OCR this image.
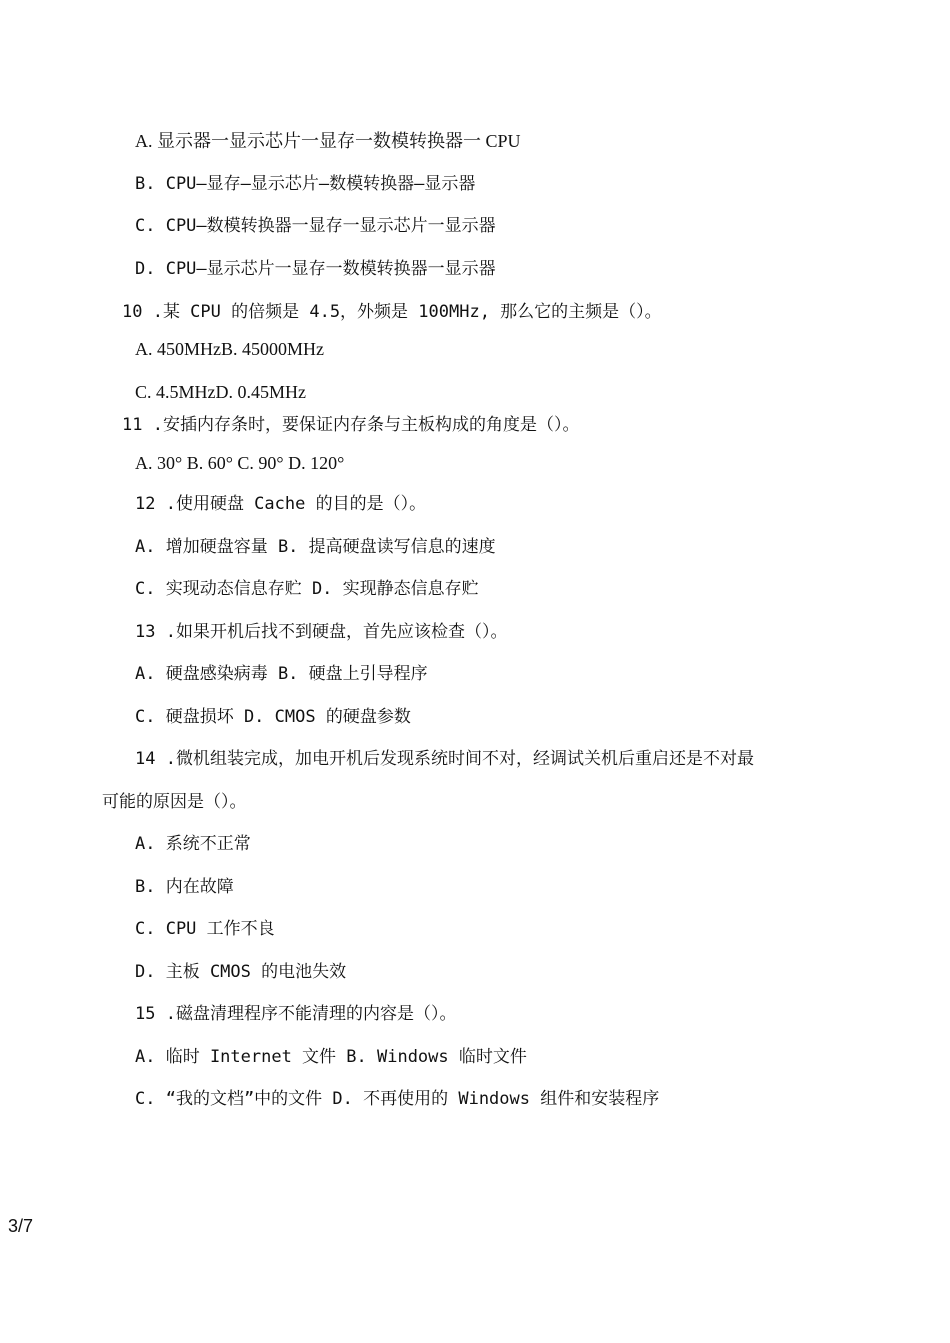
A. 显示器一显示芯片一显存一数模转换器一 CPU
B. CPU—显存—显示芯片—数模转换器—显示器
C. CPU—数模转换器一显存一显示芯片一显示器
D. CPU—显示芯片一显存一数模转换器一显示器
10 .某 CPU 的倍频是 4.5，外频是 100MHz, 那么它的主频是（）。
A. 450MHzB. 45000MHz
C. 4.5MHzD. 0.45MHz
11 .安插内存条时，要保证内存条与主板构成的角度是（）。
A. 30° B. 60° C. 90° D. 120°
12 .使用硬盘 Cache 的目的是（）。
A. 增加硬盘容量 B. 提高硬盘读写信息的速度
C. 实现动态信息存贮 D. 实现静态信息存贮
13 .如果开机后找不到硬盘，首先应该检查（）。
A. 硬盘感染病毒 B. 硬盘上引导程序
C. 硬盘损坏 D. CMOS 的硬盘参数
14 .微机组装完成，加电开机后发现系统时间不对，经调试关机后重启还是不对最
可能的原因是（）。
A. 系统不正常
B. 内在故障
C. CPU 工作不良
D. 主板 CMOS 的电池失效
15 .磁盘清理程序不能清理的内容是（）。
A. 临时 Internet 文件 B. Windows 临时文件
C. “我的文档”中的文件 D. 不再使用的 Windows 组件和安装程序
3/7
